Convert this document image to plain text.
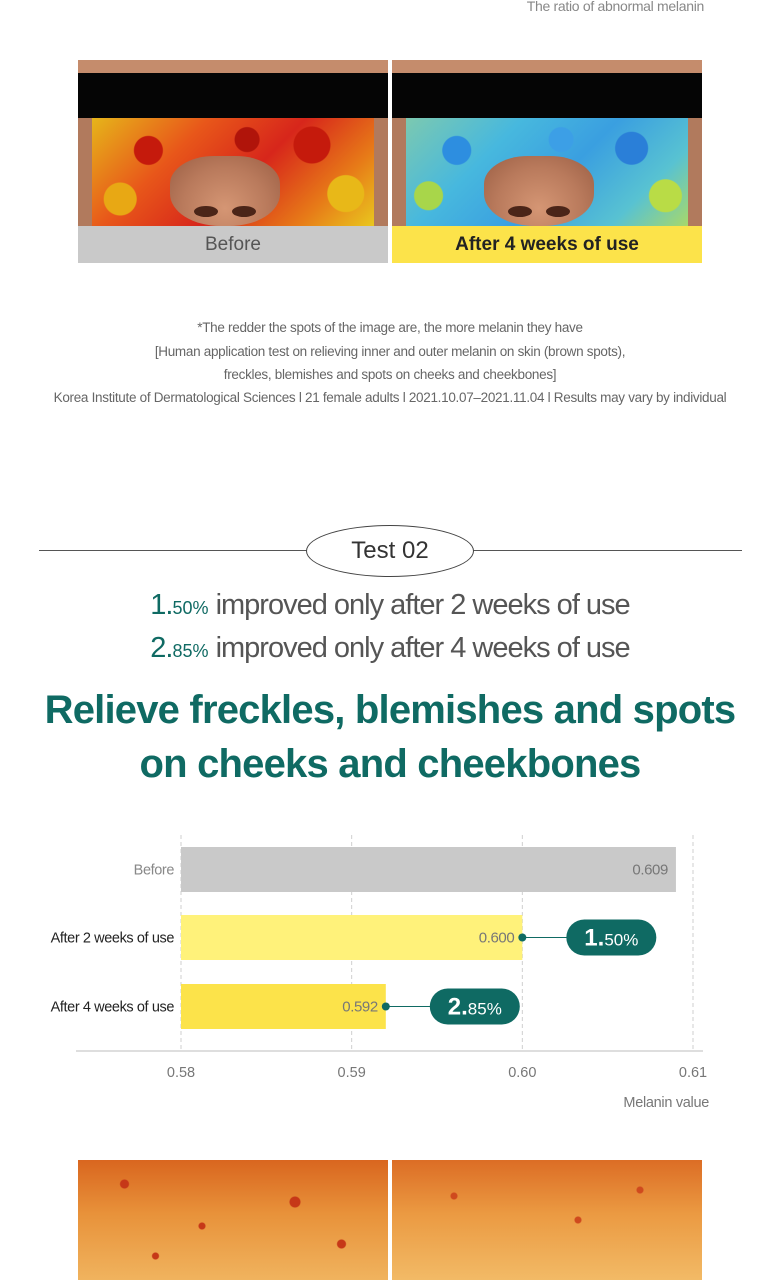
The ratio of abnormal melanin
Before	After 4 weeks of use
*The redder the spots of the image are, the more melanin they have
[Human application test on relieving inner and outer melanin on skin (brown spots),
freckles, blemishes and spots on cheeks and cheekbones]
Korea Institute of Dermatological Sciences l 21 female adults l 2021.10.07–2021.11.04 l Results may vary by individual
Test 02
1.50% improved only after 2 weeks of use
2.85% improved only after 4 weeks of use
Relieve freckles, blemishes and spots
on cheeks and cheekbones
Before	0.609
After 2 weeks of use	0.600	1.50%
After 4 weeks of use	0.592	2.85%
0.58	0.59	0.60	0.61
Melanin value
